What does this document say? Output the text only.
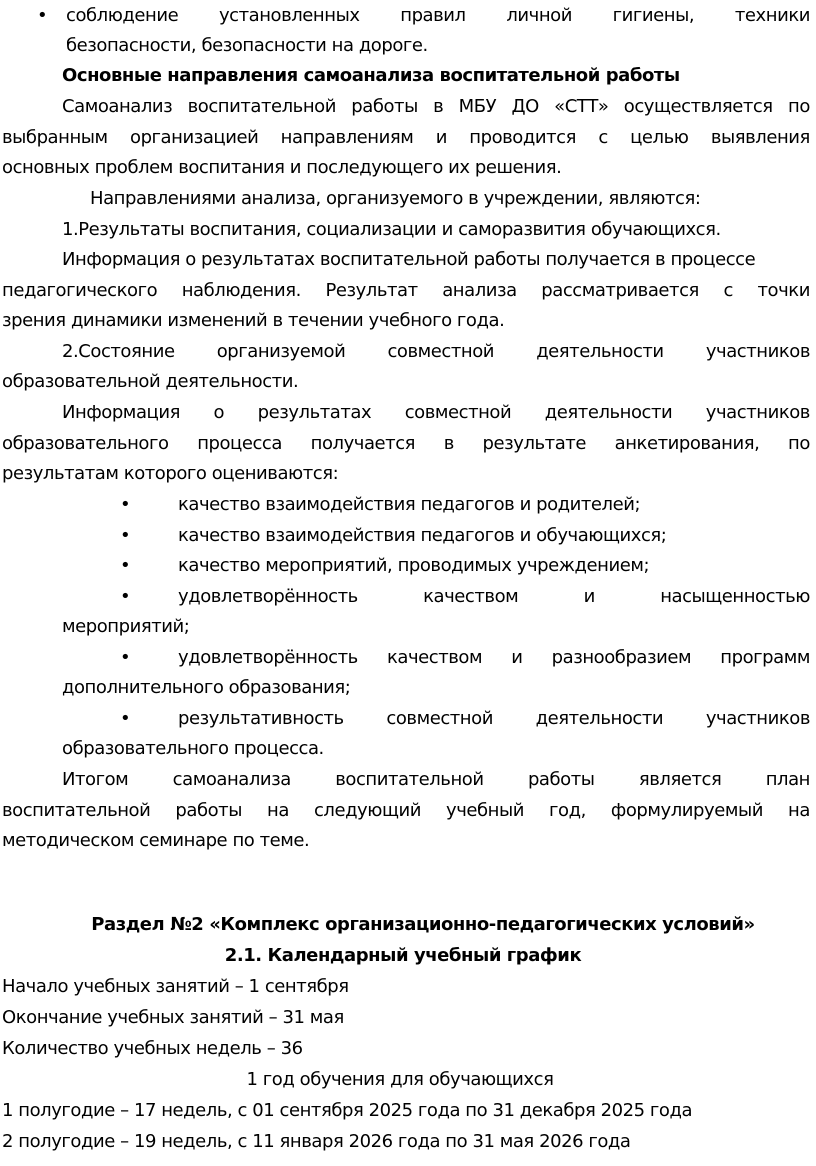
• соблюдение установленных правил личной гигиены, техники
безопасности, безопасности на дороге.
Основные направления самоанализа воспитательной работы
Самоанализ воспитательной работы в МБУ ДО «СТТ» осуществляется по
выбранным организацией направлениям и проводится с целью выявления
основных проблем воспитания и последующего их решения.
Направлениями анализа, организуемого в учреждении, являются:
1.Результаты воспитания, социализации и саморазвития обучающихся.
Информация о результатах воспитательной работы получается в процессе
педагогического наблюдения. Результат анализа рассматривается с точки
зрения динамики изменений в течении учебного года.
2.Состояние организуемой совместной деятельности участников
образовательной деятельности.
Информация о результатах совместной деятельности участников
образовательного процесса получается в результате анкетирования, по
результатам которого оцениваются:
•	качество взаимодействия педагогов и родителей;
•	качество взаимодействия педагогов и обучающихся;
•	качество мероприятий, проводимых учреждением;
•	удовлетворённость	качеством	и	насыщенностью
мероприятий;
•	удовлетворённость качеством и разнообразием программ
дополнительного образования;
•	результативность совместной деятельности участников
образовательного процесса.
Итогом самоанализа воспитательной работы является план
воспитательной работы на следующий учебный год, формулируемый на
методическом семинаре по теме.
Раздел №2 «Комплекс организационно-педагогических условий»
2.1. Календарный учебный график
Начало учебных занятий – 1 сентября
Окончание учебных занятий – 31 мая
Количество учебных недель – 36
1 год обучения для обучающихся
1 полугодие – 17 недель, с 01 сентября 2025 года по 31 декабря 2025 года
2 полугодие – 19 недель, с 11 января 2026 года по 31 мая 2026 года
